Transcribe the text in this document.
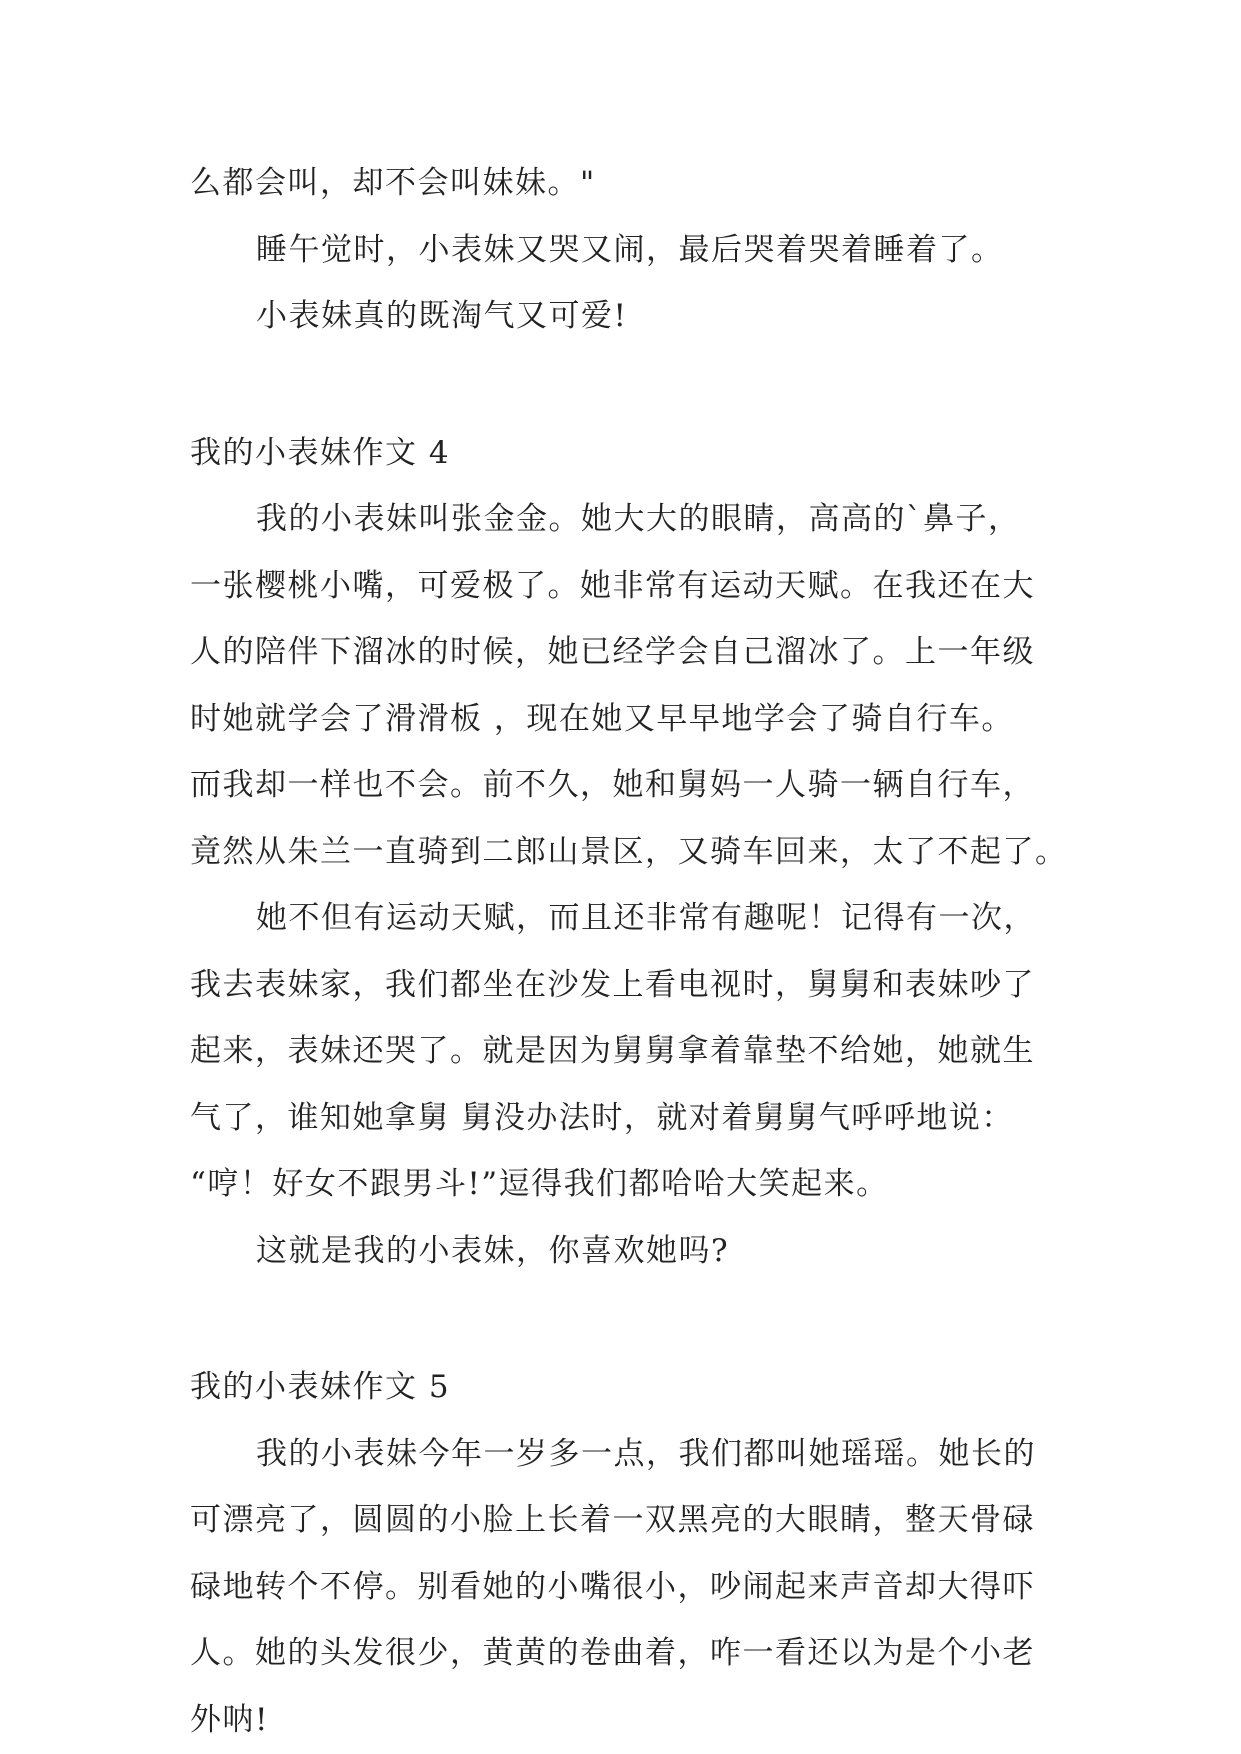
么都会叫，却不会叫妹妹。"
睡午觉时，小表妹又哭又闹，最后哭着哭着睡着了。
小表妹真的既淘气又可爱!
我的小表妹作文 4
我的小表妹叫张金金。她大大的眼睛，高高的`鼻子，
一张樱桃小嘴，可爱极了。她非常有运动天赋。在我还在大
人的陪伴下溜冰的时候，她已经学会自己溜冰了。上一年级
时她就学会了滑滑板 ，现在她又早早地学会了骑自行车。
而我却一样也不会。前不久，她和舅妈一人骑一辆自行车，
竟然从朱兰一直骑到二郎山景区，又骑车回来，太了不起了。
她不但有运动天赋，而且还非常有趣呢！记得有一次，
我去表妹家，我们都坐在沙发上看电视时，舅舅和表妹吵了
起来，表妹还哭了。就是因为舅舅拿着靠垫不给她，她就生
气了，谁知她拿舅 舅没办法时，就对着舅舅气呼呼地说：
“哼！好女不跟男斗!”逗得我们都哈哈大笑起来。
这就是我的小表妹，你喜欢她吗?
我的小表妹作文 5
我的小表妹今年一岁多一点，我们都叫她瑶瑶。她长的
可漂亮了，圆圆的小脸上长着一双黑亮的大眼睛，整天骨碌
碌地转个不停。别看她的小嘴很小，吵闹起来声音却大得吓
人。她的头发很少，黄黄的卷曲着，咋一看还以为是个小老
外呐!
